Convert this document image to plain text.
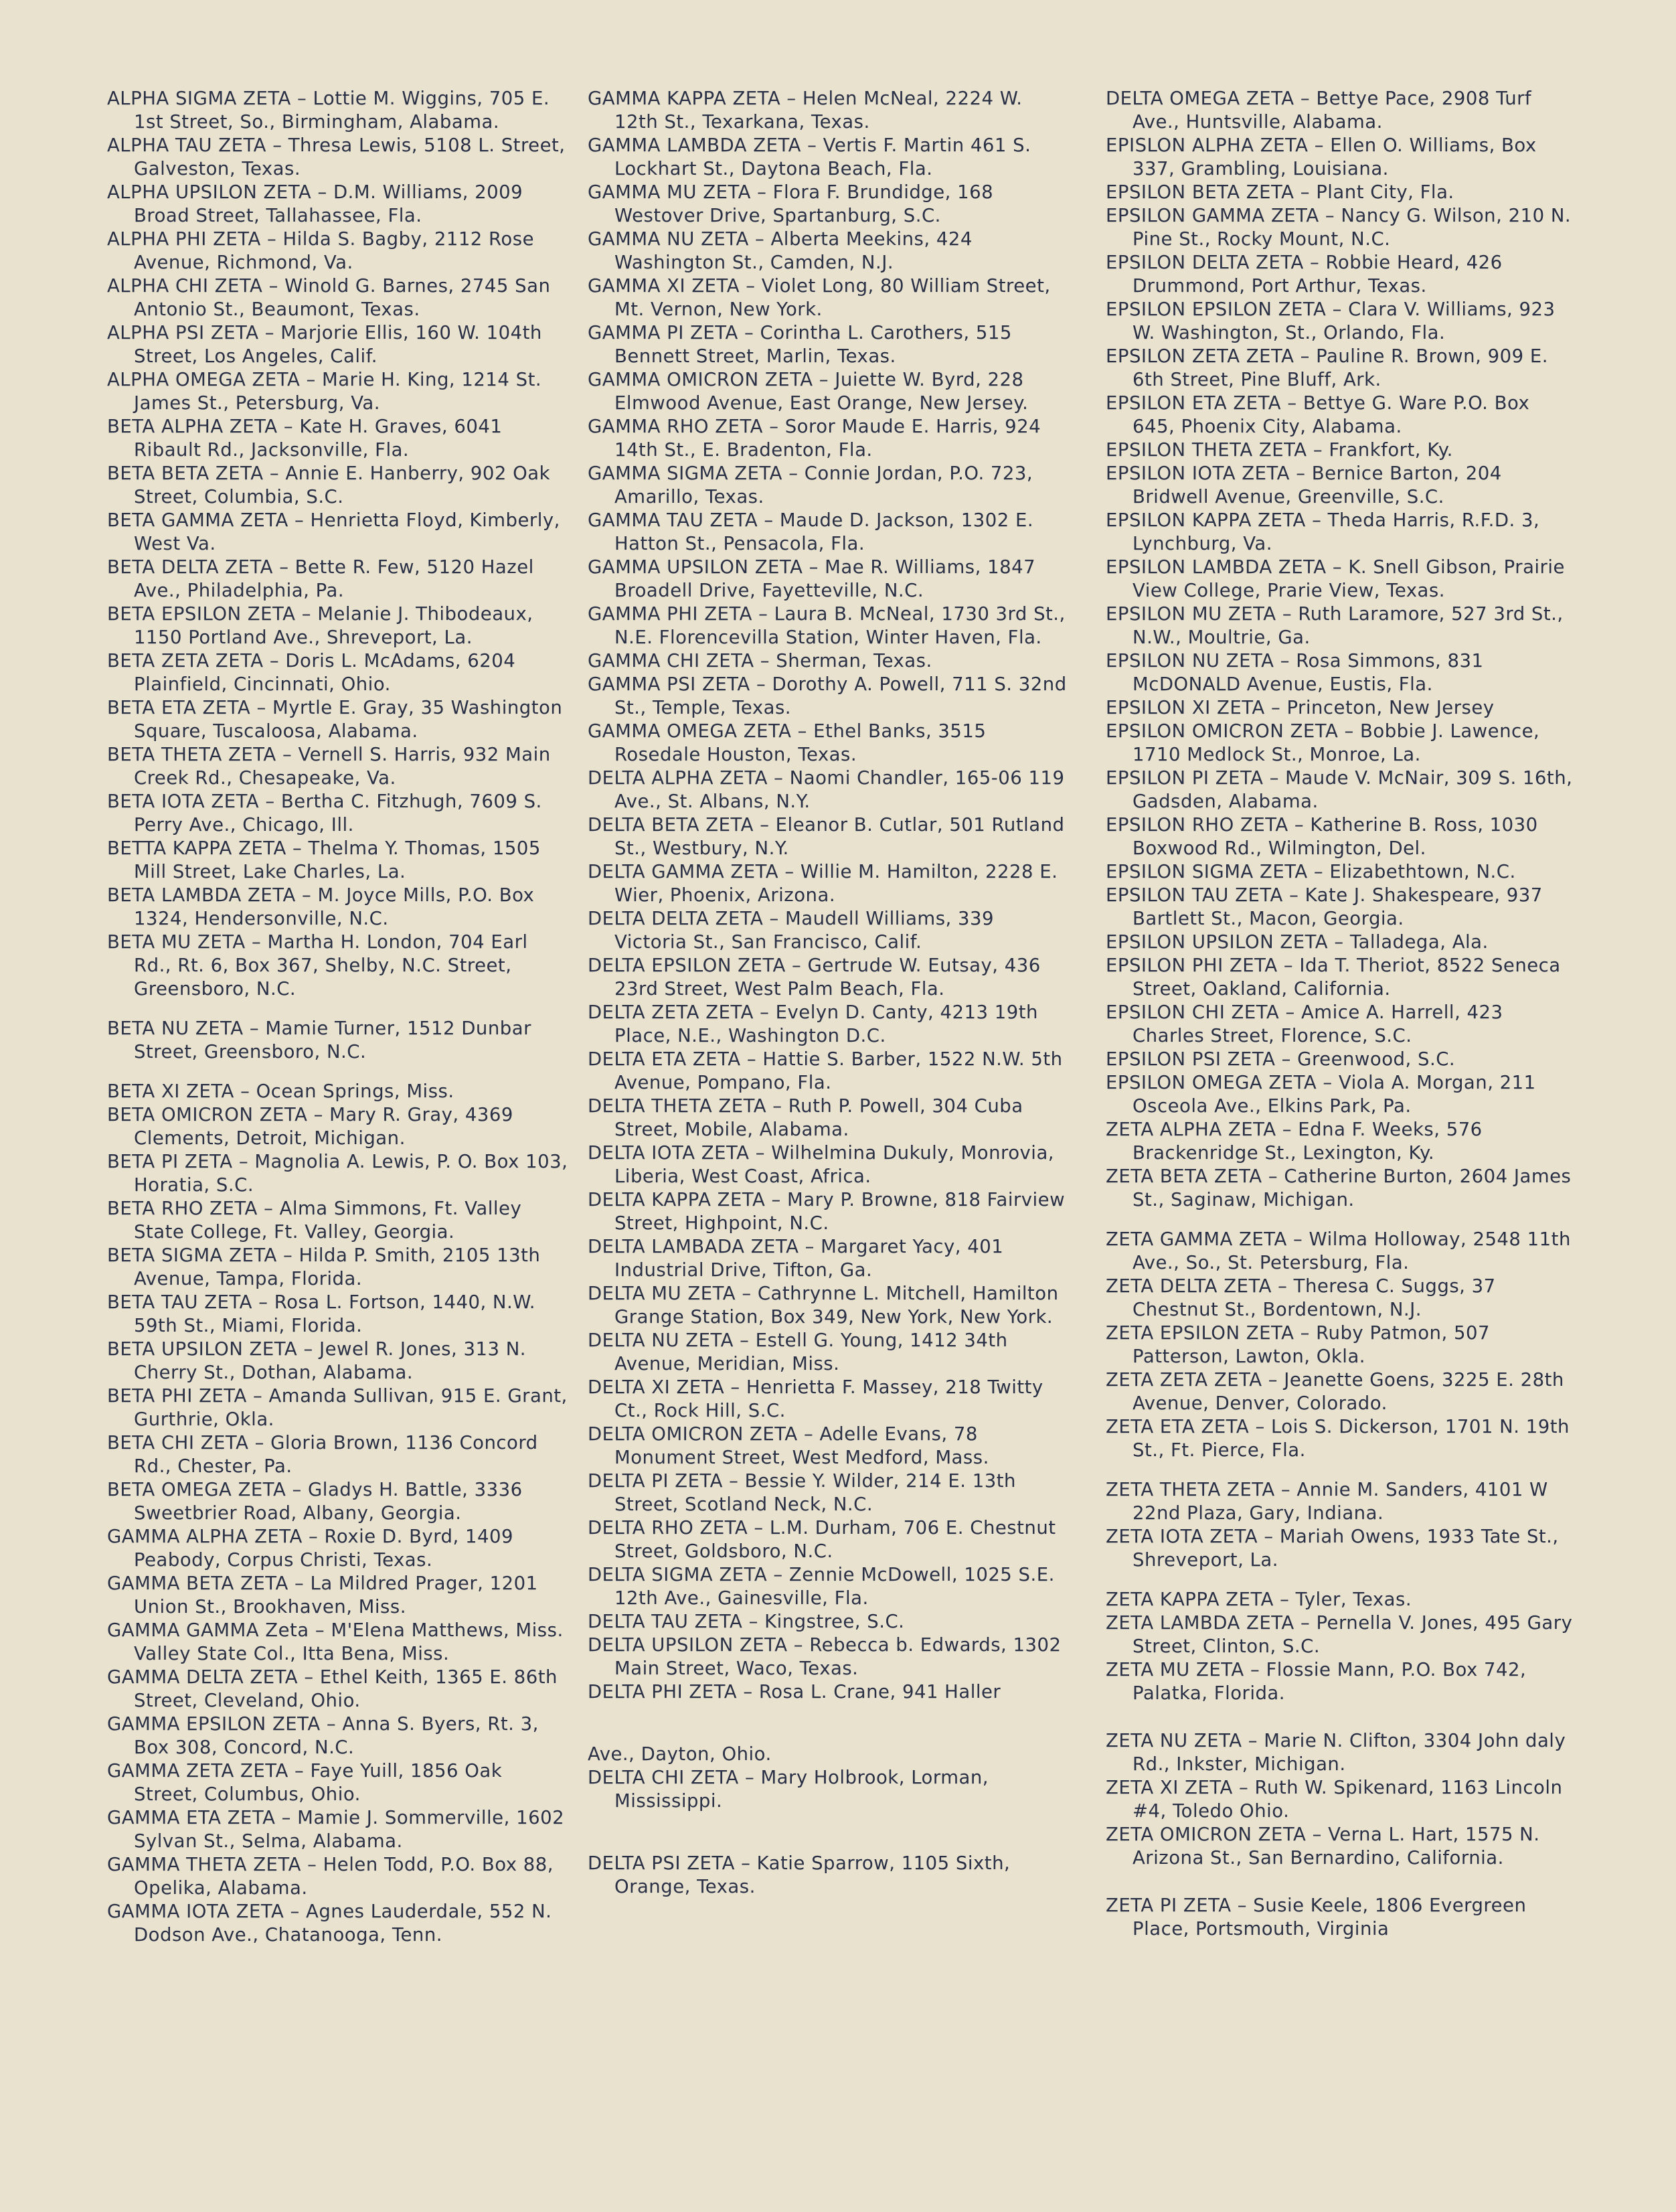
ALPHA SIGMA ZETA – Lottie M. Wiggins, 705 E. 1st Street, So., Birmingham, Alabama.

ALPHA TAU ZETA – Thresa Lewis, 5108 L. Street, Galveston, Texas.

ALPHA UPSILON ZETA – D.M. Williams, 2009 Broad Street, Tallahassee, Fla.

ALPHA PHI ZETA – Hilda S. Bagby, 2112 Rose Avenue, Richmond, Va.

ALPHA CHI ZETA – Winold G. Barnes, 2745 San Antonio St., Beaumont, Texas.

ALPHA PSI ZETA – Marjorie Ellis, 160 W. 104th Street, Los Angeles, Calif.

ALPHA OMEGA ZETA – Marie H. King, 1214 St. James St., Petersburg, Va.

BETA ALPHA ZETA – Kate H. Graves, 6041 Ribault Rd., Jacksonville, Fla.

BETA BETA ZETA – Annie E. Hanberry, 902 Oak Street, Columbia, S.C.

BETA GAMMA ZETA – Henrietta Floyd, Kimberly, West Va.

BETA DELTA ZETA – Bette R. Few, 5120 Hazel Ave., Philadelphia, Pa.

BETA EPSILON ZETA – Melanie J. Thibodeaux, 1150 Portland Ave., Shreveport, La.

BETA ZETA ZETA – Doris L. McAdams, 6204 Plainfield, Cincinnati, Ohio.

BETA ETA ZETA – Myrtle E. Gray, 35 Washington Square, Tuscaloosa, Alabama.

BETA THETA ZETA – Vernell S. Harris, 932 Main Creek Rd., Chesapeake, Va.

BETA IOTA ZETA – Bertha C. Fitzhugh, 7609 S. Perry Ave., Chicago, Ill.

BETTA KAPPA ZETA – Thelma Y. Thomas, 1505 Mill Street, Lake Charles, La.

BETA LAMBDA ZETA – M. Joyce Mills, P.O. Box 1324, Hendersonville, N.C.

BETA MU ZETA – Martha H. London, 704 Earl Rd., Rt. 6, Box 367, Shelby, N.C. Street, Greensboro, N.C.

BETA NU ZETA – Mamie Turner, 1512 Dunbar Street, Greensboro, N.C.

BETA XI ZETA – Ocean Springs, Miss.

BETA OMICRON ZETA – Mary R. Gray, 4369 Clements, Detroit, Michigan.

BETA PI ZETA – Magnolia A. Lewis, P. O. Box 103, Horatia, S.C.

BETA RHO ZETA – Alma Simmons, Ft. Valley State College, Ft. Valley, Georgia.

BETA SIGMA ZETA – Hilda P. Smith, 2105 13th Avenue, Tampa, Florida.

BETA TAU ZETA – Rosa L. Fortson, 1440, N.W. 59th St., Miami, Florida.

BETA UPSILON ZETA – Jewel R. Jones, 313 N. Cherry St., Dothan, Alabama.

BETA PHI ZETA – Amanda Sullivan, 915 E. Grant, Gurthrie, Okla.

BETA CHI ZETA – Gloria Brown, 1136 Concord Rd., Chester, Pa.

BETA OMEGA ZETA – Gladys H. Battle, 3336 Sweetbrier Road, Albany, Georgia.

GAMMA ALPHA ZETA – Roxie D. Byrd, 1409 Peabody, Corpus Christi, Texas.

GAMMA BETA ZETA – La Mildred Prager, 1201 Union St., Brookhaven, Miss.

GAMMA GAMMA Zeta – M'Elena Matthews, Miss. Valley State Col., Itta Bena, Miss.

GAMMA DELTA ZETA – Ethel Keith, 1365 E. 86th Street, Cleveland, Ohio.

GAMMA EPSILON ZETA – Anna S. Byers, Rt. 3, Box 308, Concord, N.C.

GAMMA ZETA ZETA – Faye Yuill, 1856 Oak Street, Columbus, Ohio.

GAMMA ETA ZETA – Mamie J. Sommerville, 1602 Sylvan St., Selma, Alabama.

GAMMA THETA ZETA – Helen Todd, P.O. Box 88, Opelika, Alabama.

GAMMA IOTA ZETA – Agnes Lauderdale, 552 N. Dodson Ave., Chatanooga, Tenn.

GAMMA KAPPA ZETA – Helen McNeal, 2224 W. 12th St., Texarkana, Texas.

GAMMA LAMBDA ZETA – Vertis F. Martin 461 S. Lockhart St., Daytona Beach, Fla.

GAMMA MU ZETA – Flora F. Brundidge, 168 Westover Drive, Spartanburg, S.C.

GAMMA NU ZETA – Alberta Meekins, 424 Washington St., Camden, N.J.

GAMMA XI ZETA – Violet Long, 80 William Street, Mt. Vernon, New York.

GAMMA PI ZETA – Corintha L. Carothers, 515 Bennett Street, Marlin, Texas.

GAMMA OMICRON ZETA – Juiette W. Byrd, 228 Elmwood Avenue, East Orange, New Jersey.

GAMMA RHO ZETA – Soror Maude E. Harris, 924 14th St., E. Bradenton, Fla.

GAMMA SIGMA ZETA – Connie Jordan, P.O. 723, Amarillo, Texas.

GAMMA TAU ZETA – Maude D. Jackson, 1302 E. Hatton St., Pensacola, Fla.

GAMMA UPSILON ZETA – Mae R. Williams, 1847 Broadell Drive, Fayetteville, N.C.

GAMMA PHI ZETA – Laura B. McNeal, 1730 3rd St., N.E. Florencevilla Station, Winter Haven, Fla.

GAMMA CHI ZETA – Sherman, Texas.

GAMMA PSI ZETA – Dorothy A. Powell, 711 S. 32nd St., Temple, Texas.

GAMMA OMEGA ZETA – Ethel Banks, 3515 Rosedale Houston, Texas.

DELTA ALPHA ZETA – Naomi Chandler, 165-06 119 Ave., St. Albans, N.Y.

DELTA BETA ZETA – Eleanor B. Cutlar, 501 Rutland St., Westbury, N.Y.

DELTA GAMMA ZETA – Willie M. Hamilton, 2228 E. Wier, Phoenix, Arizona.

DELTA DELTA ZETA – Maudell Williams, 339 Victoria St., San Francisco, Calif.

DELTA EPSILON ZETA – Gertrude W. Eutsay, 436 23rd Street, West Palm Beach, Fla.

DELTA ZETA ZETA – Evelyn D. Canty, 4213 19th Place, N.E., Washington D.C.

DELTA ETA ZETA – Hattie S. Barber, 1522 N.W. 5th Avenue, Pompano, Fla.

DELTA THETA ZETA – Ruth P. Powell, 304 Cuba Street, Mobile, Alabama.

DELTA IOTA ZETA – Wilhelmina Dukuly, Monrovia, Liberia, West Coast, Africa.

DELTA KAPPA ZETA – Mary P. Browne, 818 Fairview Street, Highpoint, N.C.

DELTA LAMBADA ZETA – Margaret Yacy, 401 Industrial Drive, Tifton, Ga.

DELTA MU ZETA – Cathrynne L. Mitchell, Hamilton Grange Station, Box 349, New York, New York.

DELTA NU ZETA – Estell G. Young, 1412 34th Avenue, Meridian, Miss.

DELTA XI ZETA – Henrietta F. Massey, 218 Twitty Ct., Rock Hill, S.C.

DELTA OMICRON ZETA – Adelle Evans, 78 Monument Street, West Medford, Mass.

DELTA PI ZETA – Bessie Y. Wilder, 214 E. 13th Street, Scotland Neck, N.C.

DELTA RHO ZETA – L.M. Durham, 706 E. Chestnut Street, Goldsboro, N.C.

DELTA SIGMA ZETA – Zennie McDowell, 1025 S.E. 12th Ave., Gainesville, Fla.

DELTA TAU ZETA – Kingstree, S.C.

DELTA UPSILON ZETA – Rebecca b. Edwards, 1302 Main Street, Waco, Texas.

DELTA PHI ZETA – Rosa L. Crane, 941 Haller

Ave., Dayton, Ohio.

DELTA CHI ZETA – Mary Holbrook, Lorman, Mississippi.

DELTA PSI ZETA – Katie Sparrow, 1105 Sixth, Orange, Texas.

DELTA OMEGA ZETA – Bettye Pace, 2908 Turf Ave., Huntsville, Alabama.

EPISLON ALPHA ZETA – Ellen O. Williams, Box 337, Grambling, Louisiana.

EPSILON BETA ZETA – Plant City, Fla.

EPSILON GAMMA ZETA – Nancy G. Wilson, 210 N. Pine St., Rocky Mount, N.C.

EPSILON DELTA ZETA – Robbie Heard, 426 Drummond, Port Arthur, Texas.

EPSILON EPSILON ZETA – Clara V. Williams, 923 W. Washington, St., Orlando, Fla.

EPSILON ZETA ZETA – Pauline R. Brown, 909 E. 6th Street, Pine Bluff, Ark.

EPSILON ETA ZETA – Bettye G. Ware P.O. Box 645, Phoenix City, Alabama.

EPSILON THETA ZETA – Frankfort, Ky.

EPSILON IOTA ZETA – Bernice Barton, 204 Bridwell Avenue, Greenville, S.C.

EPSILON KAPPA ZETA – Theda Harris, R.F.D. 3, Lynchburg, Va.

EPSILON LAMBDA ZETA – K. Snell Gibson, Prairie View College, Prarie View, Texas.

EPSILON MU ZETA – Ruth Laramore, 527 3rd St., N.W., Moultrie, Ga.

EPSILON NU ZETA – Rosa Simmons, 831 McDONALD Avenue, Eustis, Fla.

EPSILON XI ZETA – Princeton, New Jersey

EPSILON OMICRON ZETA – Bobbie J. Lawence, 1710 Medlock St., Monroe, La.

EPSILON PI ZETA – Maude V. McNair, 309 S. 16th, Gadsden, Alabama.

EPSILON RHO ZETA – Katherine B. Ross, 1030 Boxwood Rd., Wilmington, Del.

EPSILON SIGMA ZETA – Elizabethtown, N.C.

EPSILON TAU ZETA – Kate J. Shakespeare, 937 Bartlett St., Macon, Georgia.

EPSILON UPSILON ZETA – Talladega, Ala.

EPSILON PHI ZETA – Ida T. Theriot, 8522 Seneca Street, Oakland, California.

EPSILON CHI ZETA – Amice A. Harrell, 423 Charles Street, Florence, S.C.

EPSILON PSI ZETA – Greenwood, S.C.

EPSILON OMEGA ZETA – Viola A. Morgan, 211 Osceola Ave., Elkins Park, Pa.

ZETA ALPHA ZETA – Edna F. Weeks, 576 Brackenridge St., Lexington, Ky.

ZETA BETA ZETA – Catherine Burton, 2604 James St., Saginaw, Michigan.

ZETA GAMMA ZETA – Wilma Holloway, 2548 11th Ave., So., St. Petersburg, Fla.

ZETA DELTA ZETA – Theresa C. Suggs, 37 Chestnut St., Bordentown, N.J.

ZETA EPSILON ZETA – Ruby Patmon, 507 Patterson, Lawton, Okla.

ZETA ZETA ZETA – Jeanette Goens, 3225 E. 28th Avenue, Denver, Colorado.

ZETA ETA ZETA – Lois S. Dickerson, 1701 N. 19th St., Ft. Pierce, Fla.

ZETA THETA ZETA – Annie M. Sanders, 4101 W 22nd Plaza, Gary, Indiana.

ZETA IOTA ZETA – Mariah Owens, 1933 Tate St., Shreveport, La.

ZETA KAPPA ZETA – Tyler, Texas.

ZETA LAMBDA ZETA – Pernella V. Jones, 495 Gary Street, Clinton, S.C.

ZETA MU ZETA – Flossie Mann, P.O. Box 742, Palatka, Florida.

ZETA NU ZETA – Marie N. Clifton, 3304 John daly Rd., Inkster, Michigan.

ZETA XI ZETA – Ruth W. Spikenard, 1163 Lincoln #4, Toledo Ohio.

ZETA OMICRON ZETA – Verna L. Hart, 1575 N. Arizona St., San Bernardino, California.

ZETA PI ZETA – Susie Keele, 1806 Evergreen Place, Portsmouth, Virginia
